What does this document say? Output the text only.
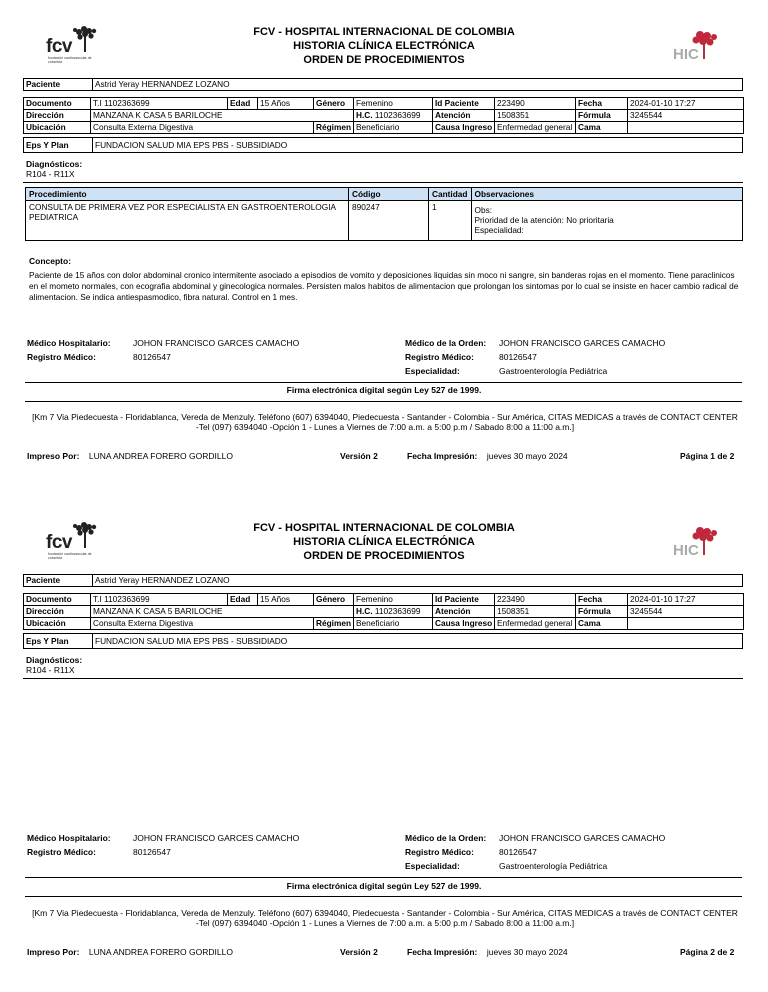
fcv
fundación cardiovascular de colombia	HIC
FCV - HOSPITAL INTERNACIONAL DE COLOMBIA
HISTORIA CLÍNICA ELECTRÓNICA
ORDEN DE PROCEDIMIENTOS
Paciente	Astrid Yeray HERNANDEZ LOZANO
Documento	T.I 1102363699	Edad	15 Años	Género	Femenino	Id Paciente	223490	Fecha	2024-01-10 17:27
Dirección	MANZANA K CASA 5 BARILOCHE				H.C. 1102363699	Atención	1508351	Fórmula	3245544
Ubicación	Consulta Externa Digestiva			Régimen	Beneficiario	Causa Ingreso	Enfermedad general	Cama	
Eps Y Plan	FUNDACION SALUD MIA EPS PBS - SUBSIDIADO
Diagnósticos:
R104 - R11X
Procedimiento	Código	Cantidad	Observaciones
CONSULTA DE PRIMERA VEZ POR ESPECIALISTA EN GASTROENTEROLOGIA PEDIATRICA	890247	1	Obs:
Prioridad de la atención: No prioritaria
Especialidad:
Concepto:
Paciente de 15 años con dolor abdominal cronico intermitente asociado a episodios de vomito y deposiciones liquidas sin moco ni sangre, sin banderas rojas en el momento. Tiene paraclinicos en el mometo normales, con ecografia abdominal y ginecologica normales. Persisten malos habitos de alimentacion que prolongan los sintomas por lo cual se insiste en hacer cambio radical de alimentacion. Se indica antiespasmodico, fibra natural. Control en 1 mes.
Médico Hospitalario:	JOHON FRANCISCO GARCES CAMACHO
Registro Médico:	80126547
Médico de la Orden: JOHON FRANCISCO GARCES CAMACHO
Registro Médico:	80126547
Especialidad:	Gastroenterología Pediátrica
Firma electrónica digital según Ley 527 de 1999.
[Km 7 Via Piedecuesta - Floridablanca, Vereda de Menzuly. Teléfono (607) 6394040, Piedecuesta - Santander - Colombia - Sur América, CITAS MEDICAS a través de CONTACT CENTER -Tel (097) 6394040 -Opción 1 - Lunes a Viernes de 7:00 a.m. a 5:00 p.m / Sabado 8:00 a 11:00 a.m.]
Impreso Por: LUNA ANDREA FORERO GORDILLO	Versión 2	Fecha Impresión: jueves 30 mayo 2024	Página 1 de 2
fcv
fundación cardiovascular de colombia	HIC
FCV - HOSPITAL INTERNACIONAL DE COLOMBIA
HISTORIA CLÍNICA ELECTRÓNICA
ORDEN DE PROCEDIMIENTOS
Paciente	Astrid Yeray HERNANDEZ LOZANO
Documento	T.I 1102363699	Edad	15 Años	Género	Femenino	Id Paciente	223490	Fecha	2024-01-10 17:27
Dirección	MANZANA K CASA 5 BARILOCHE				H.C. 1102363699	Atención	1508351	Fórmula	3245544
Ubicación	Consulta Externa Digestiva			Régimen	Beneficiario	Causa Ingreso	Enfermedad general	Cama	
Eps Y Plan	FUNDACION SALUD MIA EPS PBS - SUBSIDIADO
Diagnósticos:
R104 - R11X
Médico Hospitalario:	JOHON FRANCISCO GARCES CAMACHO
Registro Médico:	80126547
Médico de la Orden: JOHON FRANCISCO GARCES CAMACHO
Registro Médico:	80126547
Especialidad:	Gastroenterología Pediátrica
Firma electrónica digital según Ley 527 de 1999.
[Km 7 Via Piedecuesta - Floridablanca, Vereda de Menzuly. Teléfono (607) 6394040, Piedecuesta - Santander - Colombia - Sur América, CITAS MEDICAS a través de CONTACT CENTER -Tel (097) 6394040 -Opción 1 - Lunes a Viernes de 7:00 a.m. a 5:00 p.m / Sabado 8:00 a 11:00 a.m.]
Impreso Por: LUNA ANDREA FORERO GORDILLO	Versión 2	Fecha Impresión: jueves 30 mayo 2024	Página 2 de 2
